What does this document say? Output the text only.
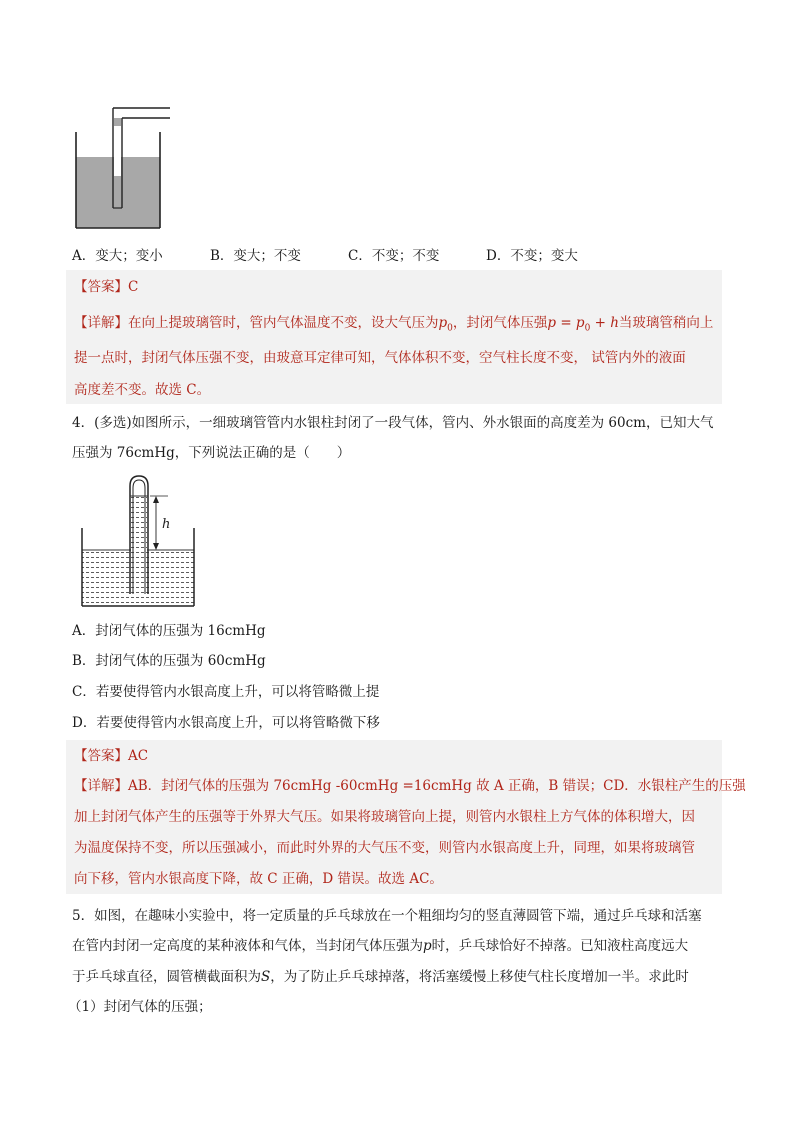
A．变大；变小	B．变大；不变	C．不变；不变	D．不变；变大
【答案】C
【详解】在向上提玻璃管时，管内气体温度不变，设大气压为$p_0$，封闭气体压强$p = p_0 + h$当玻璃管稍向上
提一点时，封闭气体压强不变，由玻意耳定律可知，气体体积不变，空气柱长度不变， 试管内外的液面
高度差不变。故选 C。
4．(多选)如图所示，一细玻璃管管内水银柱封闭了一段气体，管内、外水银面的高度差为 60cm，已知大气
压强为 76cmHg，下列说法正确的是（　　）
h
A．封闭气体的压强为 16cmHg
B．封闭气体的压强为 60cmHg
C．若要使得管内水银高度上升，可以将管略微上提
D．若要使得管内水银高度上升，可以将管略微下移
【答案】AC
【详解】AB．封闭气体的压强为 76cmHg -60cmHg =16cmHg 故 A 正确，B 错误；CD．水银柱产生的压强
加上封闭气体产生的压强等于外界大气压。如果将玻璃管向上提，则管内水银柱上方气体的体积增大，因
为温度保持不变，所以压强减小，而此时外界的大气压不变，则管内水银高度上升，同理，如果将玻璃管
向下移，管内水银高度下降，故 C 正确，D 错误。故选 AC。
5．如图，在趣味小实验中，将一定质量的乒乓球放在一个粗细均匀的竖直薄圆管下端，通过乒乓球和活塞
在管内封闭一定高度的某种液体和气体，当封闭气体压强为p时，乒乓球恰好不掉落。已知液柱高度远大
于乒乓球直径，圆管横截面积为S，为了防止乒乓球掉落，将活塞缓慢上移使气柱长度增加一半。求此时
（1）封闭气体的压强；
